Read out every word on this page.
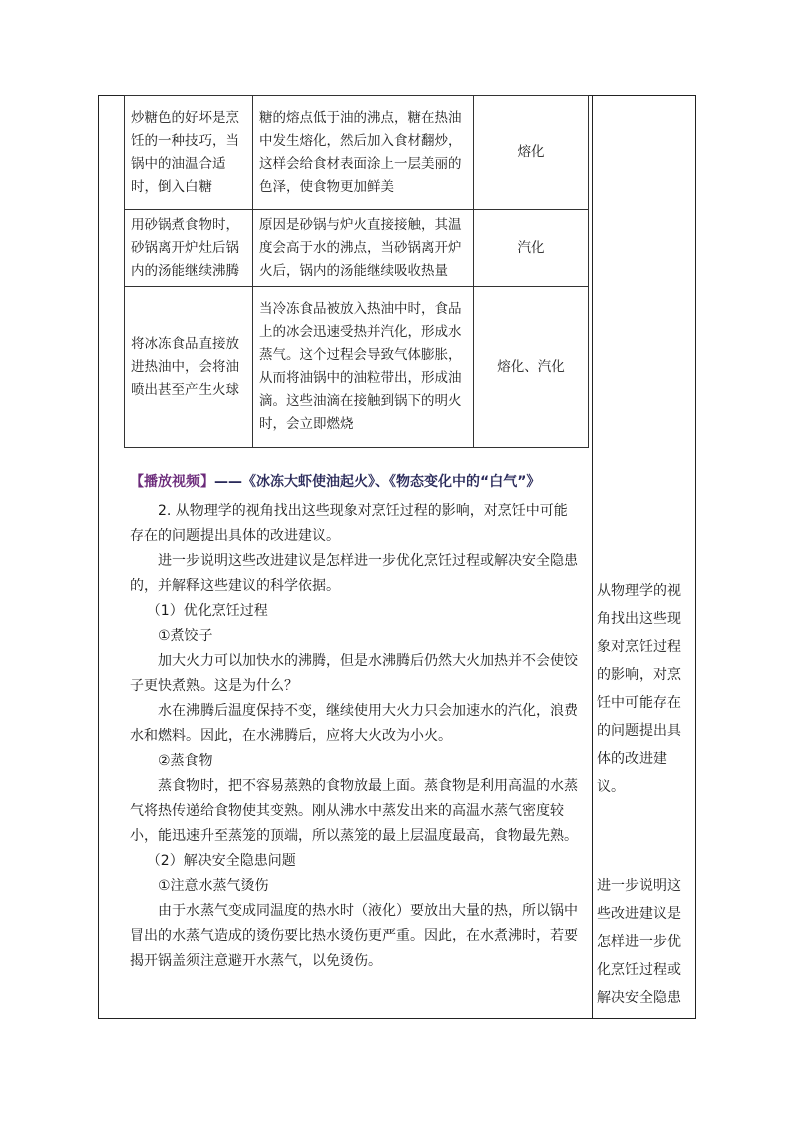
炒糖色的好坏是烹饪的一种技巧，当锅中的油温合适时，倒入白糖	糖的熔点低于油的沸点，糖在热油中发生熔化，然后加入食材翻炒，这样会给食材表面涂上一层美丽的色泽，使食物更加鲜美	熔化
用砂锅煮食物时，砂锅离开炉灶后锅内的汤能继续沸腾	原因是砂锅与炉火直接接触，其温度会高于水的沸点，当砂锅离开炉火后，锅内的汤能继续吸收热量	汽化
将冰冻食品直接放进热油中，会将油喷出甚至产生火球	当冷冻食品被放入热油中时，食品上的冰会迅速受热并汽化，形成水蒸气。这个过程会导致气体膨胀，从而将油锅中的油粒带出，形成油滴。这些油滴在接触到锅下的明火时，会立即燃烧	熔化、汽化

【播放视频】——《冰冻大虾使油起火》、《物态变化中的“白气”》

2. 从物理学的视角找出这些现象对烹饪过程的影响，对烹饪中可能存在的问题提出具体的改进建议。

进一步说明这些改进建议是怎样进一步优化烹饪过程或解决安全隐患的，并解释这些建议的科学依据。

（1）优化烹饪过程

①煮饺子

加大火力可以加快水的沸腾，但是水沸腾后仍然大火加热并不会使饺子更快煮熟。这是为什么？

水在沸腾后温度保持不变，继续使用大火力只会加速水的汽化，浪费水和燃料。因此，在水沸腾后，应将大火改为小火。

②蒸食物

蒸食物时，把不容易蒸熟的食物放最上面。蒸食物是利用高温的水蒸气将热传递给食物使其变熟。刚从沸水中蒸发出来的高温水蒸气密度较小，能迅速升至蒸笼的顶端，所以蒸笼的最上层温度最高，食物最先熟。

（2）解决安全隐患问题

①注意水蒸气烫伤

由于水蒸气变成同温度的热水时（液化）要放出大量的热，所以锅中冒出的水蒸气造成的烫伤要比热水烫伤更严重。因此，在水煮沸时，若要揭开锅盖须注意避开水蒸气，以免烫伤。

从物理学的视角找出这些现象对烹饪过程的影响，对烹饪中可能存在的问题提出具体的改进建议。
进一步说明这些改进建议是怎样进一步优化烹饪过程或解决安全隐患
